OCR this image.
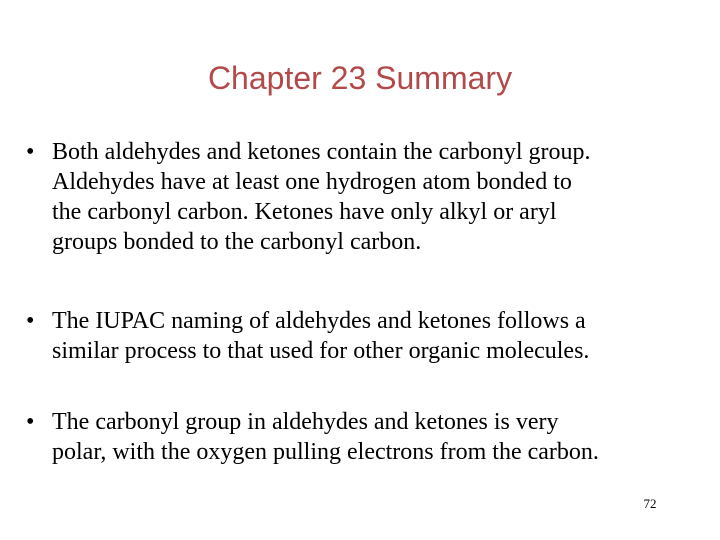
Chapter 23 Summary
• Both aldehydes and ketones contain the carbonyl group.
Aldehydes have at least one hydrogen atom bonded to
the carbonyl carbon. Ketones have only alkyl or aryl
groups bonded to the carbonyl carbon.
• The IUPAC naming of aldehydes and ketones follows a
similar process to that used for other organic molecules.
• The carbonyl group in aldehydes and ketones is very
polar, with the oxygen pulling electrons from the carbon.
72
